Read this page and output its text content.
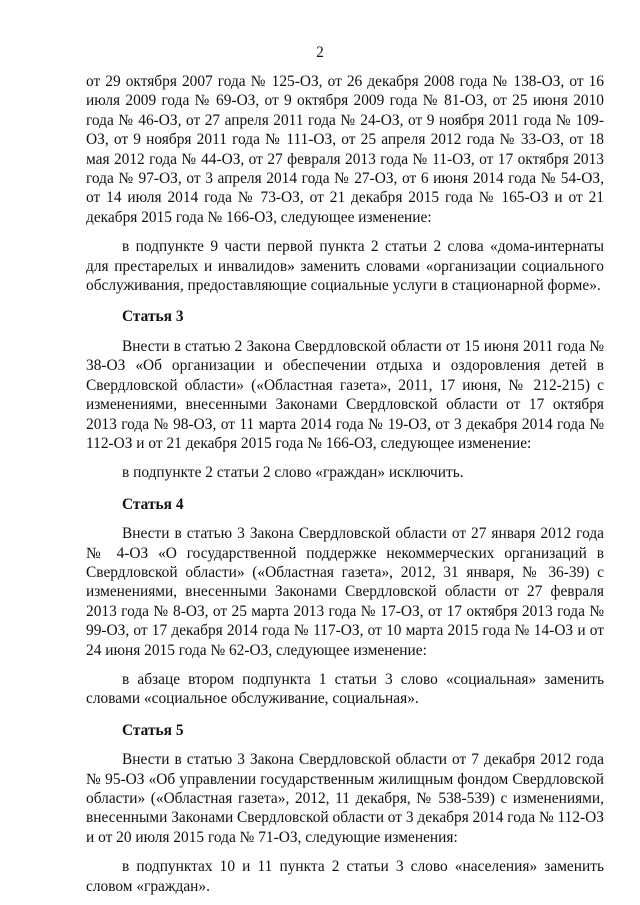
2

от 29 октября 2007 года № 125-ОЗ, от 26 декабря 2008 года № 138-ОЗ, от 16 июля 2009 года № 69-ОЗ, от 9 октября 2009 года № 81-ОЗ, от 25 июня 2010 года № 46-ОЗ, от 27 апреля 2011 года № 24-ОЗ, от 9 ноября 2011 года № 109-ОЗ, от 9 ноября 2011 года № 111-ОЗ, от 25 апреля 2012 года № 33-ОЗ, от 18 мая 2012 года № 44-ОЗ, от 27 февраля 2013 года № 11-ОЗ, от 17 октября 2013 года № 97-ОЗ, от 3 апреля 2014 года № 27-ОЗ, от 6 июня 2014 года № 54-ОЗ, от 14 июля 2014 года № 73-ОЗ, от 21 декабря 2015 года № 165-ОЗ и от 21 декабря 2015 года № 166-ОЗ, следующее изменение:

в подпункте 9 части первой пункта 2 статьи 2 слова «дома-интернаты для престарелых и инвалидов» заменить словами «организации социального обслуживания, предоставляющие социальные услуги в стационарной форме».

Статья 3

Внести в статью 2 Закона Свердловской области от 15 июня 2011 года № 38-ОЗ «Об организации и обеспечении отдыха и оздоровления детей в Свердловской области» («Областная газета», 2011, 17 июня, № 212-215) с изменениями, внесенными Законами Свердловской области от 17 октября 2013 года № 98-ОЗ, от 11 марта 2014 года № 19-ОЗ, от 3 декабря 2014 года № 112-ОЗ и от 21 декабря 2015 года № 166-ОЗ, следующее изменение:

в подпункте 2 статьи 2 слово «граждан» исключить.

Статья 4

Внести в статью 3 Закона Свердловской области от 27 января 2012 года № 4-ОЗ «О государственной поддержке некоммерческих организаций в Свердловской области» («Областная газета», 2012, 31 января, № 36-39) с изменениями, внесенными Законами Свердловской области от 27 февраля 2013 года № 8-ОЗ, от 25 марта 2013 года № 17-ОЗ, от 17 октября 2013 года № 99-ОЗ, от 17 декабря 2014 года № 117-ОЗ, от 10 марта 2015 года № 14-ОЗ и от 24 июня 2015 года № 62-ОЗ, следующее изменение:

в абзаце втором подпункта 1 статьи 3 слово «социальная» заменить словами «социальное обслуживание, социальная».

Статья 5

Внести в статью 3 Закона Свердловской области от 7 декабря 2012 года № 95-ОЗ «Об управлении государственным жилищным фондом Свердловской области» («Областная газета», 2012, 11 декабря, № 538-539) с изменениями, внесенными Законами Свердловской области от 3 декабря 2014 года № 112-ОЗ и от 20 июля 2015 года № 71-ОЗ, следующие изменения:

в подпунктах 10 и 11 пункта 2 статьи 3 слово «населения» заменить словом «граждан».
